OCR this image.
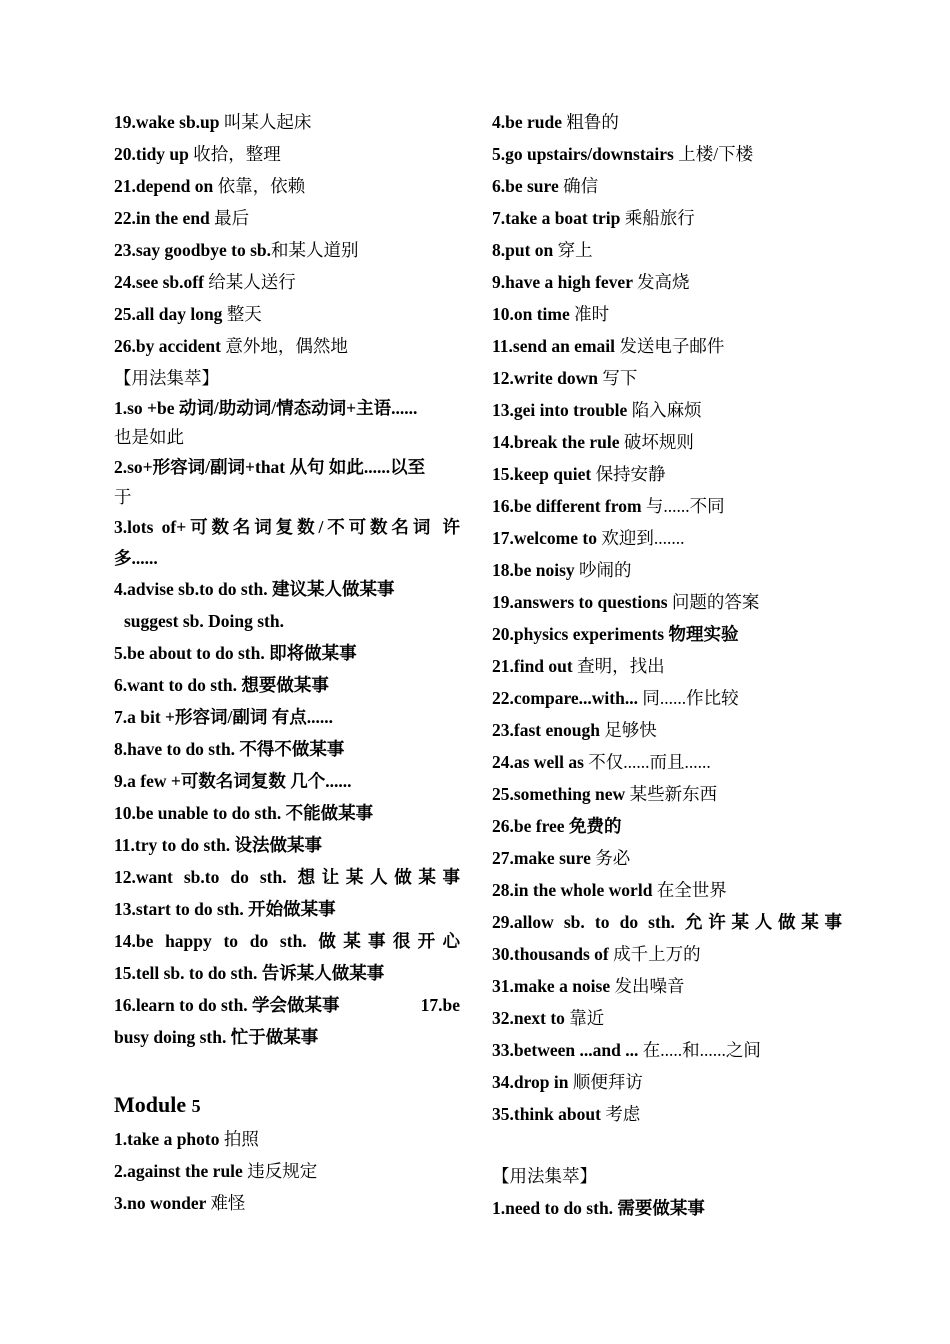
19.wake sb.up 叫某人起床
20.tidy up 收拾，整理
21.depend on 依靠，依赖
22.in the end 最后
23.say goodbye to sb.和某人道别
24.see sb.off 给某人送行
25.all day long 整天
26.by accident 意外地，偶然地
【用法集萃】
1.so +be 动词/助动词/情态动词+主语......
也是如此
2.so+形容词/副词+that 从句 如此......以至
于
3.lots of+可数名词复数/不可数名词 许
多......
4.advise sb.to do sth. 建议某人做某事
suggest sb. Doing sth.
5.be about to do sth. 即将做某事
6.want to do sth. 想要做某事
7.a bit +形容词/副词 有点......
8.have to do sth. 不得不做某事
9.a few +可数名词复数 几个......
10.be unable to do sth. 不能做某事
11.try to do sth. 设法做某事
12.want sb.to do sth. 想让某人做某事
13.start to do sth. 开始做某事
14.be happy to do sth. 做某事很开心
15.tell sb. to do sth. 告诉某人做某事
16.learn to do sth. 学会做某事	17.be
busy doing sth. 忙于做某事
Module 5
1.take a photo 拍照
2.against the rule 违反规定
3.no wonder 难怪
4.be rude 粗鲁的
5.go upstairs/downstairs 上楼/下楼
6.be sure 确信
7.take a boat trip 乘船旅行
8.put on 穿上
9.have a high fever 发高烧
10.on time 准时
11.send an email 发送电子邮件
12.write down 写下
13.gei into trouble 陷入麻烦
14.break the rule 破坏规则
15.keep quiet 保持安静
16.be different from 与......不同
17.welcome to 欢迎到.......
18.be noisy 吵闹的
19.answers to questions 问题的答案
20.physics experiments 物理实验
21.find out 查明，找出
22.compare...with... 同......作比较
23.fast enough 足够快
24.as well as 不仅......而且......
25.something new 某些新东西
26.be free 免费的
27.make sure 务必
28.in the whole world 在全世界
29.allow sb. to do sth. 允许某人做某事
30.thousands of 成千上万的
31.make a noise 发出噪音
32.next to 靠近
33.between ...and ... 在.....和......之间
34.drop in 顺便拜访
35.think about 考虑
【用法集萃】
1.need to do sth. 需要做某事
